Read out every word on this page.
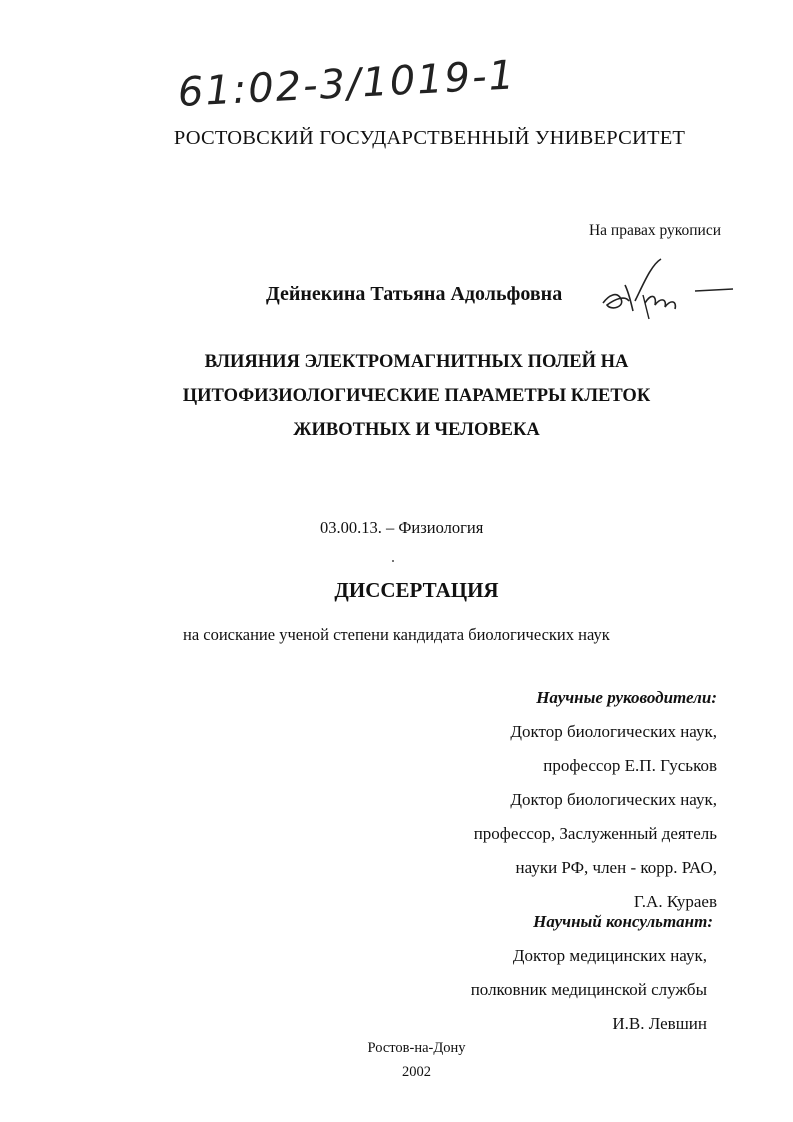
61:02-3/1019-1
РОСТОВСКИЙ ГОСУДАРСТВЕННЫЙ УНИВЕРСИТЕТ
На правах рукописи
Дейнекина Татьяна Адольфовна
ВЛИЯНИЯ ЭЛЕКТРОМАГНИТНЫХ ПОЛЕЙ НА
ЦИТОФИЗИОЛОГИЧЕСКИЕ ПАРАМЕТРЫ КЛЕТОК
ЖИВОТНЫХ И ЧЕЛОВЕКА
03.00.13. – Физиология
ДИССЕРТАЦИЯ
на соискание ученой степени кандидата биологических наук
Научные руководители:
Доктор биологических наук,
профессор Е.П. Гуськов
Доктор биологических наук,
профессор, Заслуженный деятель
науки РФ, член - корр. РАО,
Г.А. Кураев
Научный консультант:
Доктор медицинских наук,
полковник медицинской службы
И.В. Левшин
Ростов-на-Дону
2002
